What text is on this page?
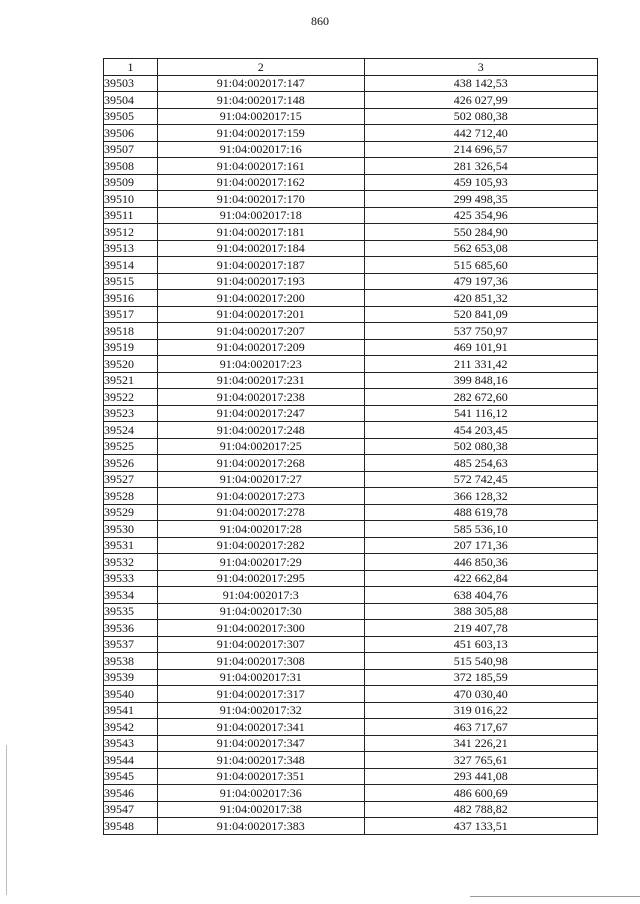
860
1	2	3
39503	91:04:002017:147	438 142,53
39504	91:04:002017:148	426 027,99
39505	91:04:002017:15	502 080,38
39506	91:04:002017:159	442 712,40
39507	91:04:002017:16	214 696,57
39508	91:04:002017:161	281 326,54
39509	91:04:002017:162	459 105,93
39510	91:04:002017:170	299 498,35
39511	91:04:002017:18	425 354,96
39512	91:04:002017:181	550 284,90
39513	91:04:002017:184	562 653,08
39514	91:04:002017:187	515 685,60
39515	91:04:002017:193	479 197,36
39516	91:04:002017:200	420 851,32
39517	91:04:002017:201	520 841,09
39518	91:04:002017:207	537 750,97
39519	91:04:002017:209	469 101,91
39520	91:04:002017:23	211 331,42
39521	91:04:002017:231	399 848,16
39522	91:04:002017:238	282 672,60
39523	91:04:002017:247	541 116,12
39524	91:04:002017:248	454 203,45
39525	91:04:002017:25	502 080,38
39526	91:04:002017:268	485 254,63
39527	91:04:002017:27	572 742,45
39528	91:04:002017:273	366 128,32
39529	91:04:002017:278	488 619,78
39530	91:04:002017:28	585 536,10
39531	91:04:002017:282	207 171,36
39532	91:04:002017:29	446 850,36
39533	91:04:002017:295	422 662,84
39534	91:04:002017:3	638 404,76
39535	91:04:002017:30	388 305,88
39536	91:04:002017:300	219 407,78
39537	91:04:002017:307	451 603,13
39538	91:04:002017:308	515 540,98
39539	91:04:002017:31	372 185,59
39540	91:04:002017:317	470 030,40
39541	91:04:002017:32	319 016,22
39542	91:04:002017:341	463 717,67
39543	91:04:002017:347	341 226,21
39544	91:04:002017:348	327 765,61
39545	91:04:002017:351	293 441,08
39546	91:04:002017:36	486 600,69
39547	91:04:002017:38	482 788,82
39548	91:04:002017:383	437 133,51
